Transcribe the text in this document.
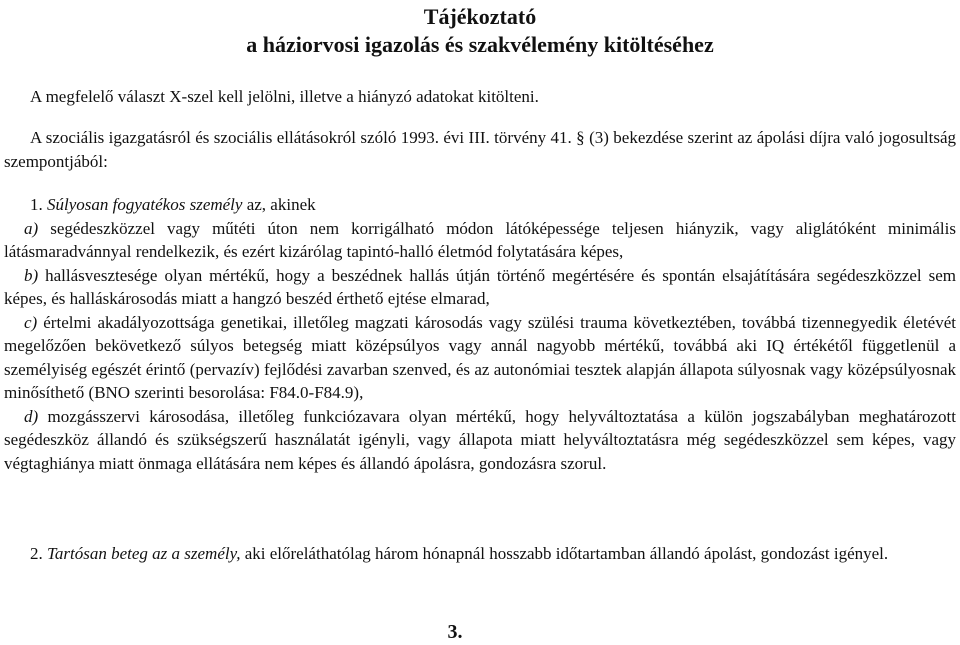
Tájékoztató
a háziorvosi igazolás és szakvélemény kitöltéséhez
A megfelelő választ X-szel kell jelölni, illetve a hiányzó adatokat kitölteni.
A szociális igazgatásról és szociális ellátásokról szóló 1993. évi III. törvény 41. § (3) bekezdése szerint az ápolási díjra való jogosultság szempontjából:
1. Súlyosan fogyatékos személy az, akinek
a) segédeszközzel vagy műtéti úton nem korrigálható módon látóképessége teljesen hiányzik, vagy aliglátóként minimális látásmaradvánnyal rendelkezik, és ezért kizárólag tapintó-halló életmód folytatására képes,
b) hallásvesztesége olyan mértékű, hogy a beszédnek hallás útján történő megértésére és spontán elsajátítására segédeszközzel sem képes, és halláskárosodás miatt a hangzó beszéd érthető ejtése elmarad,
c) értelmi akadályozottsága genetikai, illetőleg magzati károsodás vagy szülési trauma következtében, továbbá tizennegyedik életévét megelőzően bekövetkező súlyos betegség miatt középsúlyos vagy annál nagyobb mértékű, továbbá aki IQ értékétől függetlenül a személyiség egészét érintő (pervazív) fejlődési zavarban szenved, és az autonómiai tesztek alapján állapota súlyosnak vagy középsúlyosnak minősíthető (BNO szerinti besorolása: F84.0-F84.9),
d) mozgásszervi károsodása, illetőleg funkciózavara olyan mértékű, hogy helyváltoztatása a külön jogszabályban meghatározott segédeszköz állandó és szükségszerű használatát igényli, vagy állapota miatt helyváltoztatásra még segédeszközzel sem képes, vagy végtaghiánya miatt önmaga ellátására nem képes és állandó ápolásra, gondozásra szorul.
2. Tartósan beteg az a személy, aki előreláthatólag három hónapnál hosszabb időtartamban állandó ápolást, gondozást igényel.
3.
